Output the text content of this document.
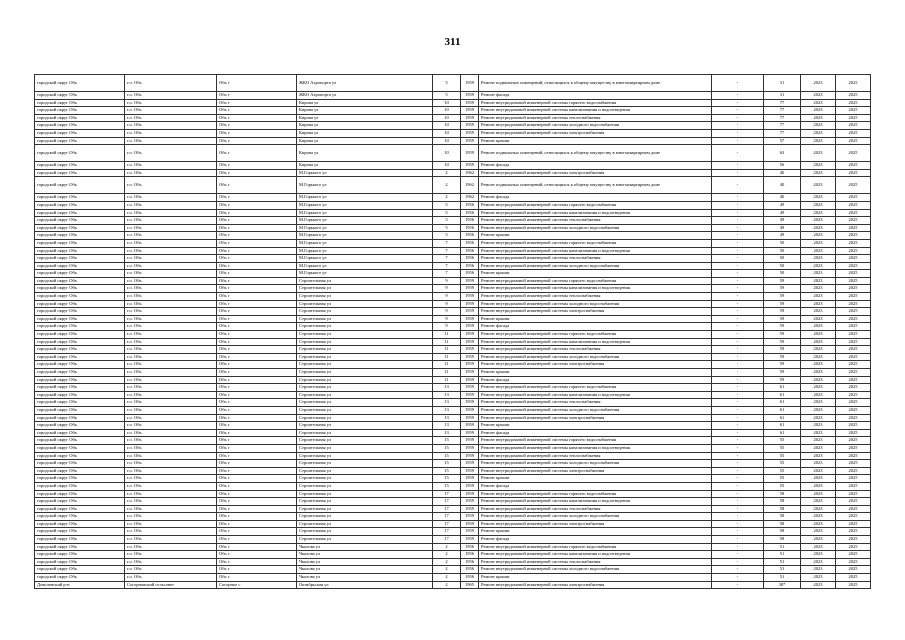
311
городской округ Обь	г.о. Обь	Обь г	ЖКО Аэропорта ул	5	1959	Ремонт подвальных помещений, относящихся к общему имуществу в многоквартирном доме	-	31	2023	2025
городской округ Обь	г.о. Обь	Обь г	ЖКО Аэропорта ул	5	1959	Ремонт фасада	-	31	2023	2025
городской округ Обь	г.о. Обь	Обь г	Кирова ул	10	1959	Ремонт внутридомовой инженерной системы горячего водоснабжения	-	77	2023	2025
городской округ Обь	г.о. Обь	Обь г	Кирова ул	10	1959	Ремонт внутридомовой инженерной системы канализования и водоотведения	-	77	2023	2025
городской округ Обь	г.о. Обь	Обь г	Кирова ул	10	1959	Ремонт внутридомовой инженерной системы теплоснабжения	-	77	2023	2025
городской округ Обь	г.о. Обь	Обь г	Кирова ул	10	1959	Ремонт внутридомовой инженерной системы холодного водоснабжения	-	77	2023	2025
городской округ Обь	г.о. Обь	Обь г	Кирова ул	10	1959	Ремонт внутридомовой инженерной системы электроснабжения	-	77	2023	2025
городской округ Обь	г.о. Обь	Обь г	Кирова ул	10	1959	Ремонт крыши	-	57	2023	2025
городской округ Обь	г.о. Обь	Обь г	Кирова ул	10	1959	Ремонт подвальных помещений, относящихся к общему имуществу в многоквартирном доме	-	63	2023	2025
городской округ Обь	г.о. Обь	Обь г	Кирова ул	10	1959	Ремонт фасада	-	56	2023	2025
городской округ Обь	г.о. Обь	Обь г	М.Горького ул	2	1962	Ремонт внутридомовой инженерной системы электроснабжения	-	40	2023	2025
городской округ Обь	г.о. Обь	Обь г	М.Горького ул	2	1962	Ремонт подвальных помещений, относящихся к общему имуществу в многоквартирном доме	-	40	2023	2025
городской округ Обь	г.о. Обь	Обь г	М.Горького ул	2	1962	Ремонт фасада	-	40	2023	2025
городской округ Обь	г.о. Обь	Обь г	М.Горького ул	5	1956	Ремонт внутридомовой инженерной системы горячего водоснабжения	-	49	2023	2025
городской округ Обь	г.о. Обь	Обь г	М.Горького ул	5	1956	Ремонт внутридомовой инженерной системы канализования и водоотведения	-	49	2023	2025
городской округ Обь	г.о. Обь	Обь г	М.Горького ул	5	1956	Ремонт внутридомовой инженерной системы теплоснабжения	-	49	2023	2025
городской округ Обь	г.о. Обь	Обь г	М.Горького ул	5	1956	Ремонт внутридомовой инженерной системы холодного водоснабжения	-	49	2023	2025
городской округ Обь	г.о. Обь	Обь г	М.Горького ул	5	1956	Ремонт крыши	-	49	2023	2025
городской округ Обь	г.о. Обь	Обь г	М.Горького ул	7	1956	Ремонт внутридомовой инженерной системы горячего водоснабжения	-	50	2023	2025
городской округ Обь	г.о. Обь	Обь г	М.Горького ул	7	1956	Ремонт внутридомовой инженерной системы канализования и водоотведения	-	50	2023	2025
городской округ Обь	г.о. Обь	Обь г	М.Горького ул	7	1956	Ремонт внутридомовой инженерной системы теплоснабжения	-	50	2023	2025
городской округ Обь	г.о. Обь	Обь г	М.Горького ул	7	1956	Ремонт внутридомовой инженерной системы холодного водоснабжения	-	50	2023	2025
городской округ Обь	г.о. Обь	Обь г	М.Горького ул	7	1956	Ремонт крыши	-	50	2023	2025
городской округ Обь	г.о. Обь	Обь г	Строительная ул	9	1959	Ремонт внутридомовой инженерной системы горячего водоснабжения	-	59	2023	2025
городской округ Обь	г.о. Обь	Обь г	Строительная ул	9	1959	Ремонт внутридомовой инженерной системы канализования и водоотведения	-	59	2023	2025
городской округ Обь	г.о. Обь	Обь г	Строительная ул	9	1959	Ремонт внутридомовой инженерной системы теплоснабжения	-	59	2023	2025
городской округ Обь	г.о. Обь	Обь г	Строительная ул	9	1959	Ремонт внутридомовой инженерной системы холодного водоснабжения	-	59	2023	2025
городской округ Обь	г.о. Обь	Обь г	Строительная ул	9	1959	Ремонт внутридомовой инженерной системы электроснабжения	-	59	2023	2025
городской округ Обь	г.о. Обь	Обь г	Строительная ул	9	1959	Ремонт крыши	-	59	2023	2025
городской округ Обь	г.о. Обь	Обь г	Строительная ул	9	1959	Ремонт фасада	-	59	2023	2025
городской округ Обь	г.о. Обь	Обь г	Строительная ул	11	1959	Ремонт внутридомовой инженерной системы горячего водоснабжения	-	59	2023	2025
городской округ Обь	г.о. Обь	Обь г	Строительная ул	11	1959	Ремонт внутридомовой инженерной системы канализования и водоотведения	-	59	2023	2025
городской округ Обь	г.о. Обь	Обь г	Строительная ул	11	1959	Ремонт внутридомовой инженерной системы теплоснабжения	-	59	2023	2025
городской округ Обь	г.о. Обь	Обь г	Строительная ул	11	1959	Ремонт внутридомовой инженерной системы холодного водоснабжения	-	59	2023	2025
городской округ Обь	г.о. Обь	Обь г	Строительная ул	11	1959	Ремонт внутридомовой инженерной системы электроснабжения	-	59	2023	2025
городской округ Обь	г.о. Обь	Обь г	Строительная ул	11	1959	Ремонт крыши	-	59	2023	2025
городской округ Обь	г.о. Обь	Обь г	Строительная ул	11	1959	Ремонт фасада	-	59	2023	2025
городской округ Обь	г.о. Обь	Обь г	Строительная ул	13	1959	Ремонт внутридомовой инженерной системы горячего водоснабжения	-	61	2023	2025
городской округ Обь	г.о. Обь	Обь г	Строительная ул	13	1959	Ремонт внутридомовой инженерной системы канализования и водоотведения	-	61	2023	2025
городской округ Обь	г.о. Обь	Обь г	Строительная ул	13	1959	Ремонт внутридомовой инженерной системы теплоснабжения	-	61	2023	2025
городской округ Обь	г.о. Обь	Обь г	Строительная ул	13	1959	Ремонт внутридомовой инженерной системы холодного водоснабжения	-	61	2023	2025
городской округ Обь	г.о. Обь	Обь г	Строительная ул	13	1959	Ремонт внутридомовой инженерной системы электроснабжения	-	61	2023	2025
городской округ Обь	г.о. Обь	Обь г	Строительная ул	13	1959	Ремонт крыши	-	61	2023	2025
городской округ Обь	г.о. Обь	Обь г	Строительная ул	13	1959	Ремонт фасада	-	61	2023	2025
городской округ Обь	г.о. Обь	Обь г	Строительная ул	15	1959	Ремонт внутридомовой инженерной системы горячего водоснабжения	-	55	2023	2025
городской округ Обь	г.о. Обь	Обь г	Строительная ул	15	1959	Ремонт внутридомовой инженерной системы канализования и водоотведения	-	55	2023	2025
городской округ Обь	г.о. Обь	Обь г	Строительная ул	15	1959	Ремонт внутридомовой инженерной системы теплоснабжения	-	55	2023	2025
городской округ Обь	г.о. Обь	Обь г	Строительная ул	15	1959	Ремонт внутридомовой инженерной системы холодного водоснабжения	-	55	2023	2025
городской округ Обь	г.о. Обь	Обь г	Строительная ул	15	1959	Ремонт внутридомовой инженерной системы электроснабжения	-	55	2023	2025
городской округ Обь	г.о. Обь	Обь г	Строительная ул	15	1959	Ремонт крыши	-	55	2023	2025
городской округ Обь	г.о. Обь	Обь г	Строительная ул	15	1959	Ремонт фасада	-	55	2023	2025
городской округ Обь	г.о. Обь	Обь г	Строительная ул	17	1959	Ремонт внутридомовой инженерной системы горячего водоснабжения	-	58	2023	2025
городской округ Обь	г.о. Обь	Обь г	Строительная ул	17	1959	Ремонт внутридомовой инженерной системы канализования и водоотведения	-	58	2023	2025
городской округ Обь	г.о. Обь	Обь г	Строительная ул	17	1959	Ремонт внутридомовой инженерной системы теплоснабжения	-	58	2023	2025
городской округ Обь	г.о. Обь	Обь г	Строительная ул	17	1959	Ремонт внутридомовой инженерной системы холодного водоснабжения	-	58	2023	2025
городской округ Обь	г.о. Обь	Обь г	Строительная ул	17	1959	Ремонт внутридомовой инженерной системы электроснабжения	-	58	2023	2025
городской округ Обь	г.о. Обь	Обь г	Строительная ул	17	1959	Ремонт крыши	-	58	2023	2025
городской округ Обь	г.о. Обь	Обь г	Строительная ул	17	1959	Ремонт фасада	-	58	2023	2025
городской округ Обь	г.о. Обь	Обь г	Чкалова ул	2	1956	Ремонт внутридомовой инженерной системы горячего водоснабжения	-	51	2023	2025
городской округ Обь	г.о. Обь	Обь г	Чкалова ул	2	1956	Ремонт внутридомовой инженерной системы канализования и водоотведения	-	51	2023	2025
городской округ Обь	г.о. Обь	Обь г	Чкалова ул	2	1956	Ремонт внутридомовой инженерной системы теплоснабжения	-	51	2023	2025
городской округ Обь	г.о. Обь	Обь г	Чкалова ул	2	1956	Ремонт внутридомовой инженерной системы холодного водоснабжения	-	51	2023	2025
городской округ Обь	г.о. Обь	Обь г	Чкалова ул	2	1956	Ремонт крыши	-	51	2023	2025
Доволенский р-н	Согорновский сельсовет	Согорное с	Октябрьская ул	2	1965	Ремонт внутридомовой инженерной системы электроснабжения	-	38*	2023	2025
